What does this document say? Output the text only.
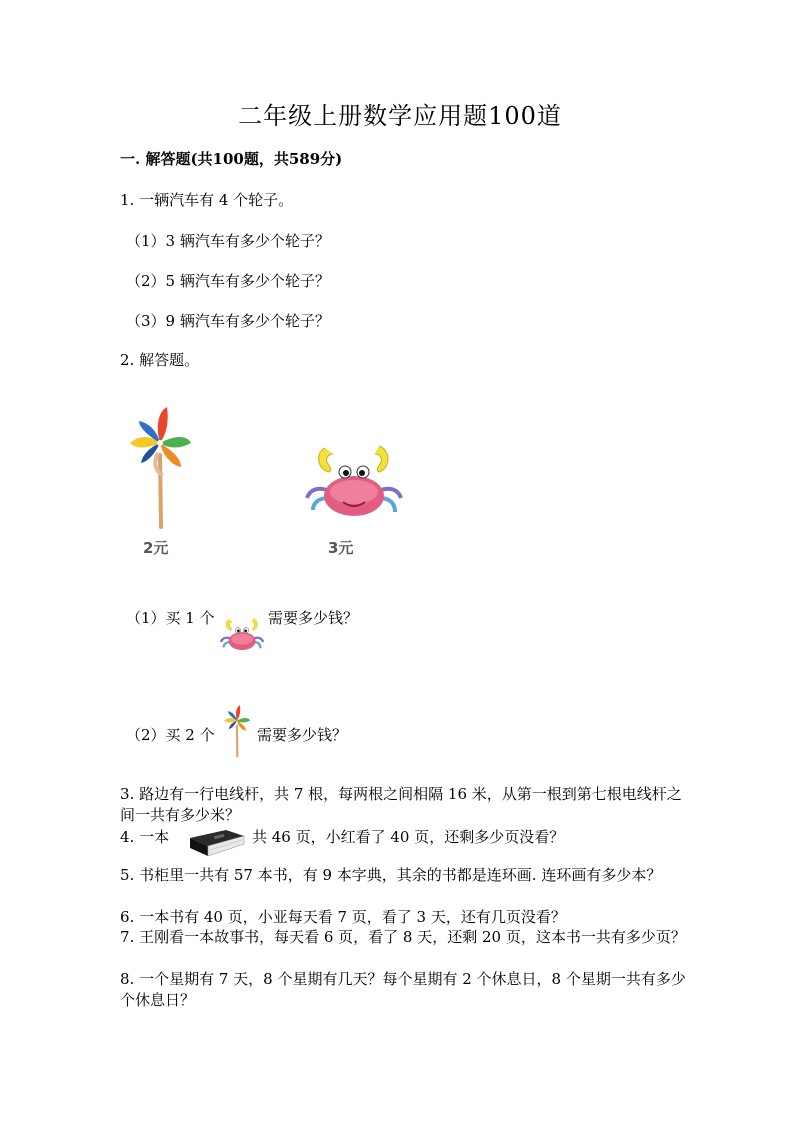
二年级上册数学应用题100道
一. 解答题(共100题，共589分)
1. 一辆汽车有 4 个轮子。
（1）3 辆汽车有多少个轮子？
（2）5 辆汽车有多少个轮子？
（3）9 辆汽车有多少个轮子？
2. 解答题。
2元	3元
（1）买 1 个	需要多少钱？
（2）买 2 个	需要多少钱？
3. 路边有一行电线杆，共 7 根，每两根之间相隔 16 米，从第一根到第七根电线杆之间一共有多少米？
4. 一本	共 46 页，小红看了 40 页，还剩多少页没看？
5. 书柜里一共有 57 本书，有 9 本字典，其余的书都是连环画. 连环画有多少本？
6. 一本书有 40 页，小亚每天看 7 页，看了 3 天，还有几页没看？
7. 王刚看一本故事书，每天看 6 页，看了 8 天，还剩 20 页，这本书一共有多少页？
8. 一个星期有 7 天，8 个星期有几天？每个星期有 2 个休息日，8 个星期一共有多少个休息日？
